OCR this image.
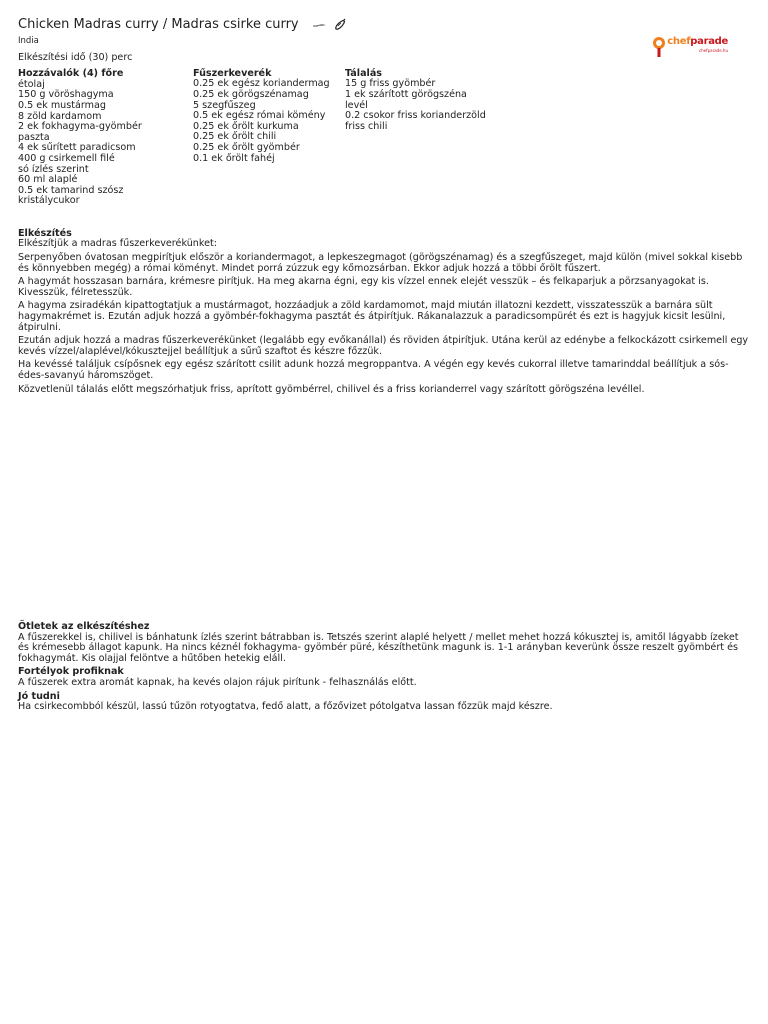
Chicken Madras curry / Madras csirke curry
India
Elkészítési idő (30) perc
Hozzávalók (4) főre
étolaj
150 g vöröshagyma
0.5 ek mustármag
8 zöld kardamom
2 ek fokhagyma-gyömbér
paszta
4 ek sűrített paradicsom
400 g csirkemell filé
só ízlés szerint
60 ml alaplé
0.5 ek tamarind szósz
kristálycukor
Fűszerkeverék
0.25 ek egész koriandermag
0.25 ek görögszénamag
5 szegfűszeg
0.5 ek egész római kömény
0.25 ek őrölt kurkuma
0.25 ek őrölt chili
0.25 ek őrölt gyömbér
0.1 ek őrölt fahéj
Tálalás
15 g friss gyömbér
1 ek szárított görögszéna
levél
0.2 csokor friss korianderzöld
friss chili
Elkészítés

Elkészítjük a madras fűszerkeverékünket:

Serpenyőben óvatosan megpirítjuk először a koriandermagot, a lepkeszegmagot (görögszénamag) és a szegfűszeget, majd külön (mivel sokkal kisebb és könnyebben megég) a római köményt. Mindet porrá zúzzuk egy kőmozsárban. Ekkor adjuk hozzá a többi őrölt fűszert.

A hagymát hosszasan barnára, krémesre pirítjuk. Ha meg akarna égni, egy kis vízzel ennek elejét vesszük – és felkaparjuk a pörzsanyagokat is. Kivesszük, félretesszük.

A hagyma zsiradékán kipattogtatjuk a mustármagot, hozzáadjuk a zöld kardamomot, majd miután illatozni kezdett, visszatesszük a barnára sült hagymakrémet is. Ezután adjuk hozzá a gyömbér-fokhagyma pasztát és átpirítjuk. Rákanalazzuk a paradicsompürét és ezt is hagyjuk kicsit lesülni, átpirulni.

Ezután adjuk hozzá a madras fűszerkeverékünket (legalább egy evőkanállal) és röviden átpirítjuk. Utána kerül az edénybe a felkockázott csirkemell egy kevés vízzel/alaplével/kókusztejjel beállítjuk a sűrű szaftot és készre főzzük.

Ha kevéssé találjuk csípősnek egy egész szárított csilit adunk hozzá megroppantva. A végén egy kevés cukorral illetve tamarinddal beállítjuk a sós-édes-savanyú háromszöget.

Közvetlenül tálalás előtt megszórhatjuk friss, aprított gyömbérrel, chilivel és a friss korianderrel vagy szárított görögszéna levéllel.

chefparade
chefparade.hu
Ötletek az elkészítéshez
A fűszerekkel is, chilivel is bánhatunk ízlés szerint bátrabban is. Tetszés szerint alaplé helyett / mellet mehet hozzá kókusztej is, amitől lágyabb ízeket és krémesebb állagot kapunk. Ha nincs kéznél fokhagyma- gyömbér püré, készíthetünk magunk is. 1-1 arányban keverünk össze reszelt gyömbért és fokhagymát. Kis olajjal felöntve a hűtőben hetekig eláll.
Fortélyok profiknak
A fűszerek extra aromát kapnak, ha kevés olajon rájuk pirítunk - felhasználás előtt.
Jó tudni
Ha csirkecombból készül, lassú tűzön rotyogtatva, fedő alatt, a főzővizet pótolgatva lassan főzzük majd készre.
